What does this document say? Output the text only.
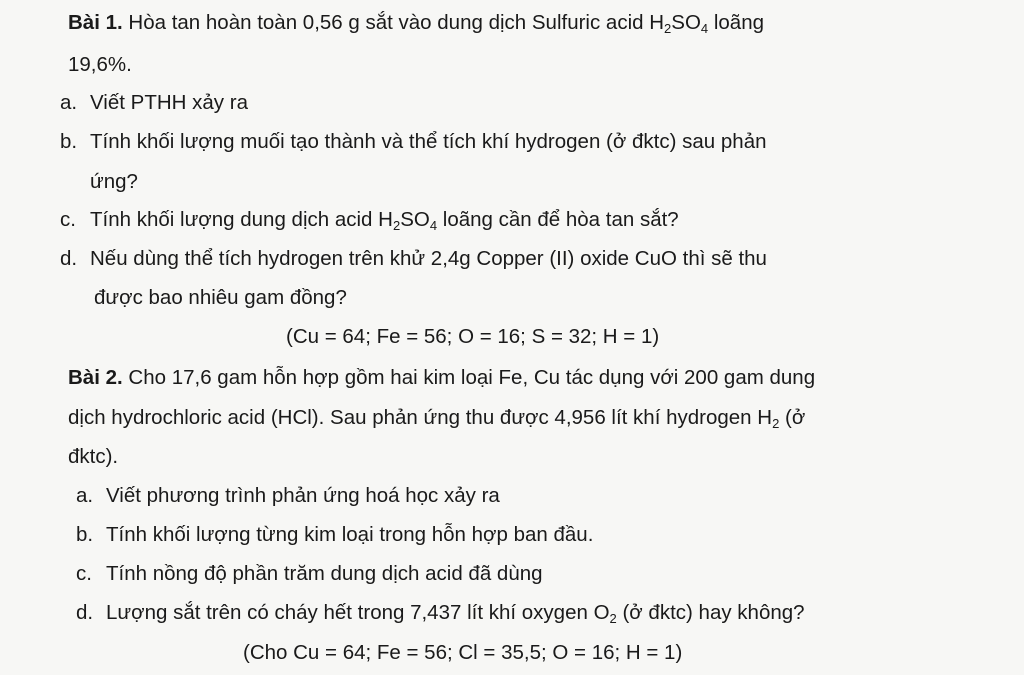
Bài 1. Hòa tan hoàn toàn 0,56 g sắt vào dung dịch Sulfuric acid $H_2SO_4$ loãng
19,6%.
a. Viết PTHH xảy ra
b. Tính khối lượng muối tạo thành và thể tích khí hydrogen (ở đktc) sau phản
ứng?
c. Tính khối lượng dung dịch acid $H_2SO_4$ loãng cần để hòa tan sắt?
d. Nếu dùng thể tích hydrogen trên khử 2,4g Copper (II) oxide CuO thì sẽ thu
được bao nhiêu gam đồng?
(Cu = 64; Fe = 56; O = 16; S = 32; H = 1)
Bài 2. Cho 17,6 gam hỗn hợp gồm hai kim loại Fe, Cu tác dụng với 200 gam dung
dịch hydrochloric acid (HCl). Sau phản ứng thu được 4,956 lít khí hydrogen $H_2$ (ở
đktc).
a. Viết phương trình phản ứng hoá học xảy ra
b. Tính khối lượng từng kim loại trong hỗn hợp ban đầu.
c. Tính nồng độ phần trăm dung dịch acid đã dùng
d. Lượng sắt trên có cháy hết trong 7,437 lít khí oxygen $O_2$ (ở đktc) hay không?
(Cho Cu = 64; Fe = 56; Cl = 35,5; O = 16; H = 1)
